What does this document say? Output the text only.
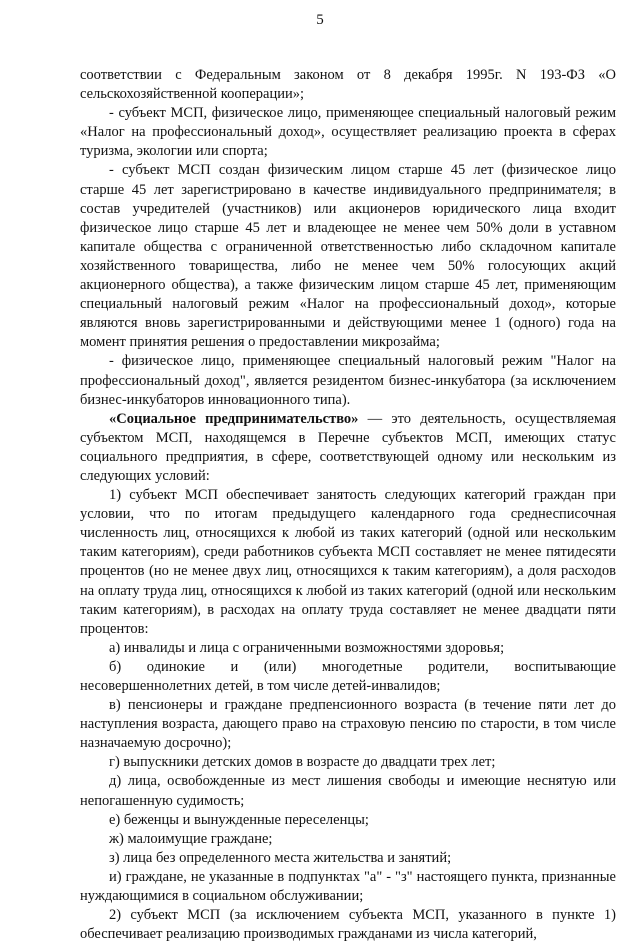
5

соответствии с Федеральным законом от 8 декабря 1995г. N 193-ФЗ «О сельскохозяйственной кооперации»;

- субъект МСП, физическое лицо, применяющее специальный налоговый режим «Налог на профессиональный доход», осуществляет реализацию проекта в сферах туризма, экологии или спорта;

- субъект МСП создан физическим лицом старше 45 лет (физическое лицо старше 45 лет зарегистрировано в качестве индивидуального предпринимателя; в состав учредителей (участников) или акционеров юридического лица входит физическое лицо старше 45 лет и владеющее не менее чем 50% доли в уставном капитале общества с ограниченной ответственностью либо складочном капитале хозяйственного товарищества, либо не менее чем 50% голосующих акций акционерного общества), а также физическим лицом старше 45 лет, применяющим специальный налоговый режим «Налог на профессиональный доход», которые являются вновь зарегистрированными и действующими менее 1 (одного) года на момент принятия решения о предоставлении микрозайма;

- физическое лицо, применяющее специальный налоговый режим "Налог на профессиональный доход", является резидентом бизнес-инкубатора (за исключением бизнес-инкубаторов инновационного типа).

«Социальное предпринимательство» — это деятельность, осуществляемая субъектом МСП, находящемся в Перечне субъектов МСП, имеющих статус социального предприятия, в сфере, соответствующей одному или нескольким из следующих условий:

1) субъект МСП обеспечивает занятость следующих категорий граждан при условии, что по итогам предыдущего календарного года среднесписочная численность лиц, относящихся к любой из таких категорий (одной или нескольким таким категориям), среди работников субъекта МСП составляет не менее пятидесяти процентов (но не менее двух лиц, относящихся к таким категориям), а доля расходов на оплату труда лиц, относящихся к любой из таких категорий (одной или нескольким таким категориям), в расходах на оплату труда составляет не менее двадцати пяти процентов:

а) инвалиды и лица с ограниченными возможностями здоровья;

б) одинокие и (или) многодетные родители, воспитывающие несовершеннолетних детей, в том числе детей-инвалидов;

в) пенсионеры и граждане предпенсионного возраста (в течение пяти лет до наступления возраста, дающего право на страховую пенсию по старости, в том числе назначаемую досрочно);

г) выпускники детских домов в возрасте до двадцати трех лет;

д) лица, освобожденные из мест лишения свободы и имеющие неснятую или непогашенную судимость;

е) беженцы и вынужденные переселенцы;

ж) малоимущие граждане;

з) лица без определенного места жительства и занятий;

и) граждане, не указанные в подпунктах "а" - "з" настоящего пункта, признанные нуждающимися в социальном обслуживании;

2) субъект МСП (за исключением субъекта МСП, указанного в пункте 1) обеспечивает реализацию производимых гражданами из числа категорий,
